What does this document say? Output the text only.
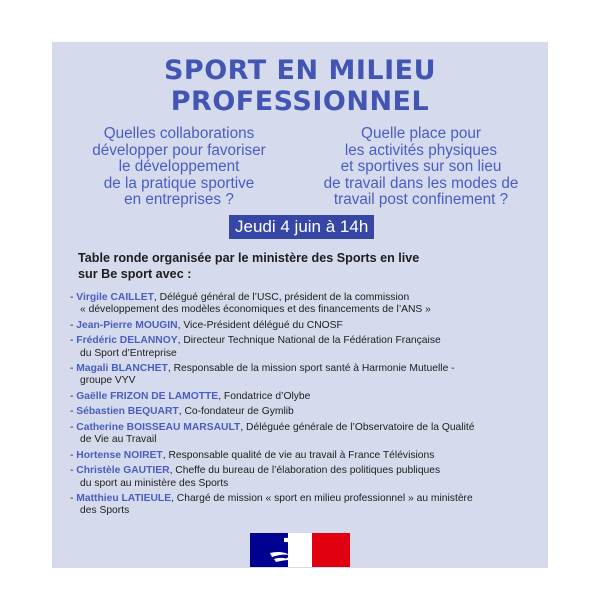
SPORT EN MILIEU
PROFESSIONNEL
Quelles collaborations
développer pour favoriser
le développement
de la pratique sportive
en entreprises ?
Quelle place pour
les activités physiques
et sportives sur son lieu
de travail dans les modes de
travail post confinement ?
Jeudi 4 juin à 14h
Table ronde organisée par le ministère des Sports en live
sur Be sport avec :
- Virgile CAILLET, Délégué général de l’USC, président de la commission
« développement des modèles économiques et des financements de l’ANS »
- Jean-Pierre MOUGIN, Vice-Président délégué du CNOSF
- Frédéric DELANNOY, Directeur Technique National de la Fédération Française
du Sport d’Entreprise
- Magali BLANCHET, Responsable de la mission sport santé à Harmonie Mutuelle -
groupe VYV
- Gaëlle FRIZON DE LAMOTTE, Fondatrice d’Olybe
- Sébastien BEQUART, Co-fondateur de Gymlib
- Catherine BOISSEAU MARSAULT, Déléguée générale de l’Observatoire de la Qualité
de Vie au Travail
- Hortense NOIRET, Responsable qualité de vie au travail à France Télévisions
- Christèle GAUTIER, Cheffe du bureau de l’élaboration des politiques publiques
du sport au ministère des Sports
- Matthieu LATIEULE, Chargé de mission « sport en milieu professionnel » au ministère
des Sports
